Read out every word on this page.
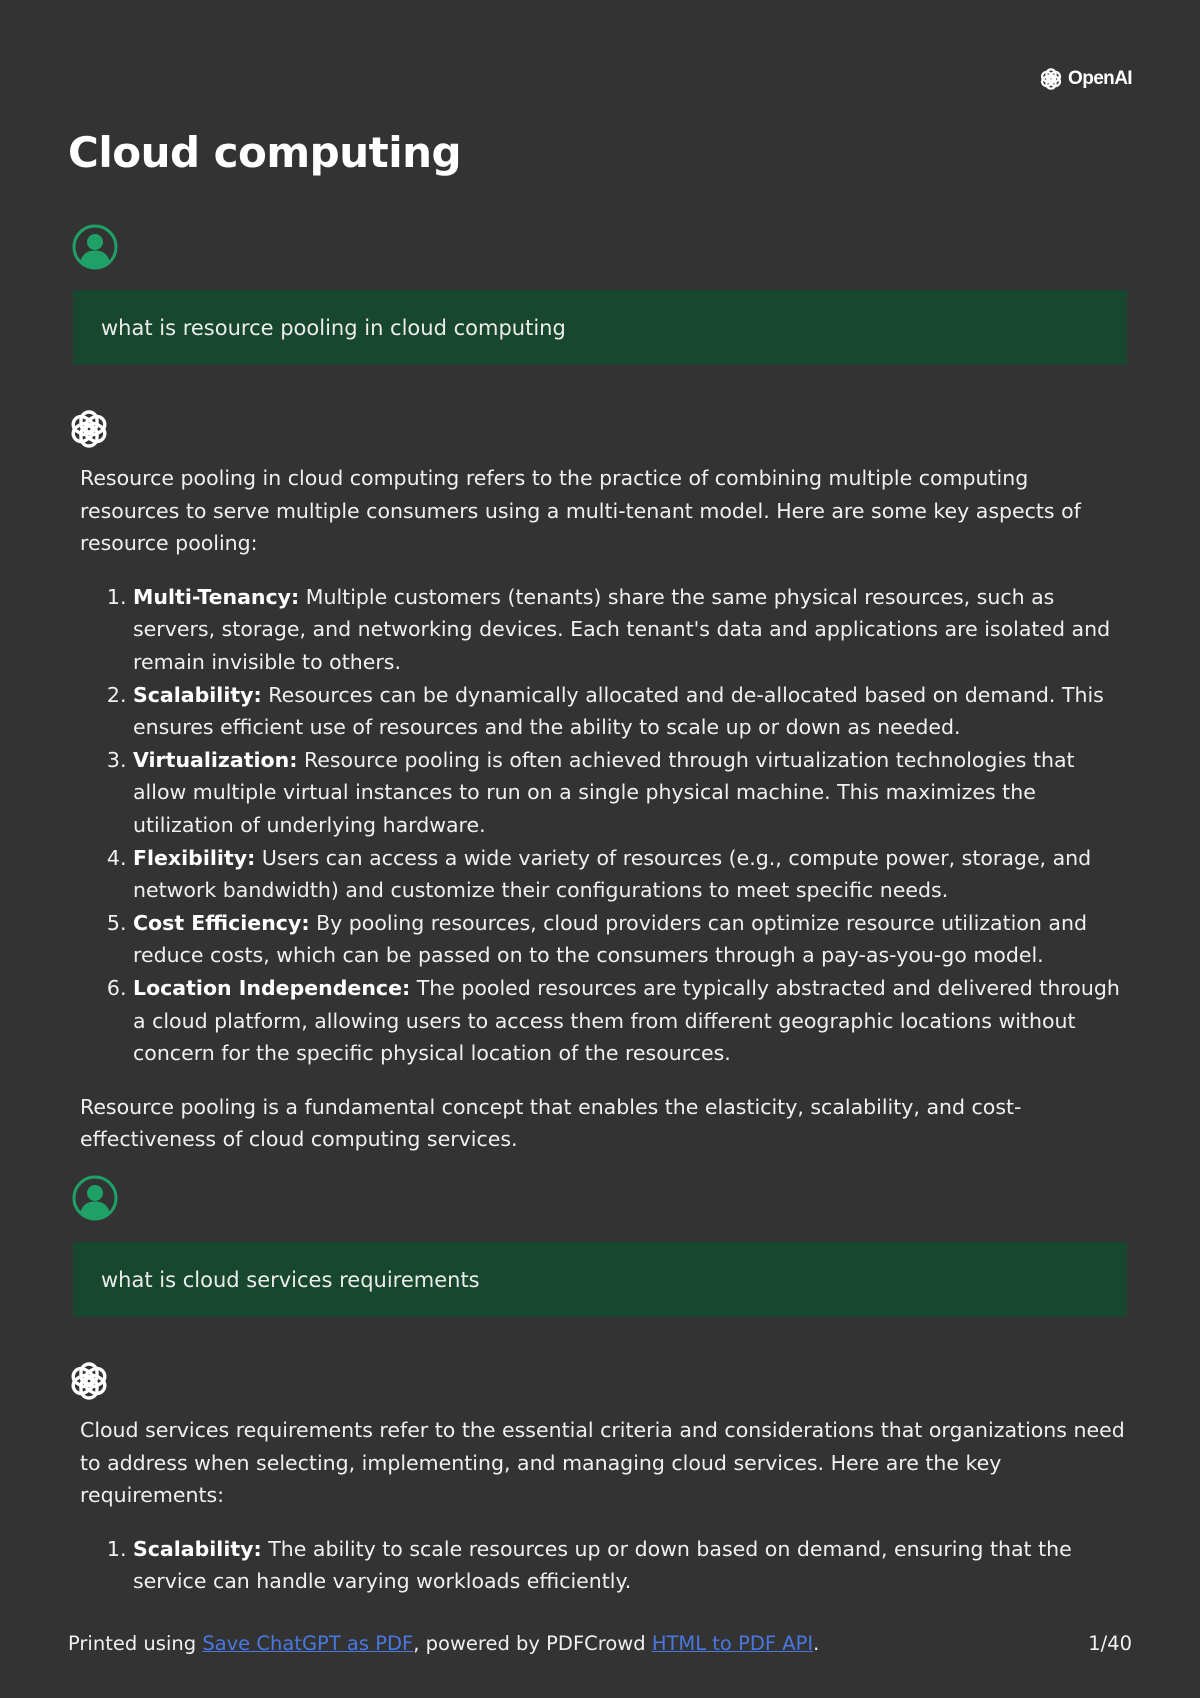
OpenAI
Cloud computing
what is resource pooling in cloud computing

Resource pooling in cloud computing refers to the practice of combining multiple computing resources to serve multiple consumers using a multi-tenant model. Here are some key aspects of resource pooling:

1. Multi-Tenancy: Multiple customers (tenants) share the same physical resources, such as servers, storage, and networking devices. Each tenant's data and applications are isolated and remain invisible to others.
2. Scalability: Resources can be dynamically allocated and de-allocated based on demand. This ensures efficient use of resources and the ability to scale up or down as needed.
3. Virtualization: Resource pooling is often achieved through virtualization technologies that allow multiple virtual instances to run on a single physical machine. This maximizes the utilization of underlying hardware.
4. Flexibility: Users can access a wide variety of resources (e.g., compute power, storage, and network bandwidth) and customize their configurations to meet specific needs.
5. Cost Efficiency: By pooling resources, cloud providers can optimize resource utilization and reduce costs, which can be passed on to the consumers through a pay-as-you-go model.
6. Location Independence: The pooled resources are typically abstracted and delivered through a cloud platform, allowing users to access them from different geographic locations without concern for the specific physical location of the resources.

Resource pooling is a fundamental concept that enables the elasticity, scalability, and cost-effectiveness of cloud computing services.

what is cloud services requirements

Cloud services requirements refer to the essential criteria and considerations that organizations need to address when selecting, implementing, and managing cloud services. Here are the key requirements:

1. Scalability: The ability to scale resources up or down based on demand, ensuring that the service can handle varying workloads efficiently.
Printed using Save ChatGPT as PDF, powered by PDFCrowd HTML to PDF API.	1/40
